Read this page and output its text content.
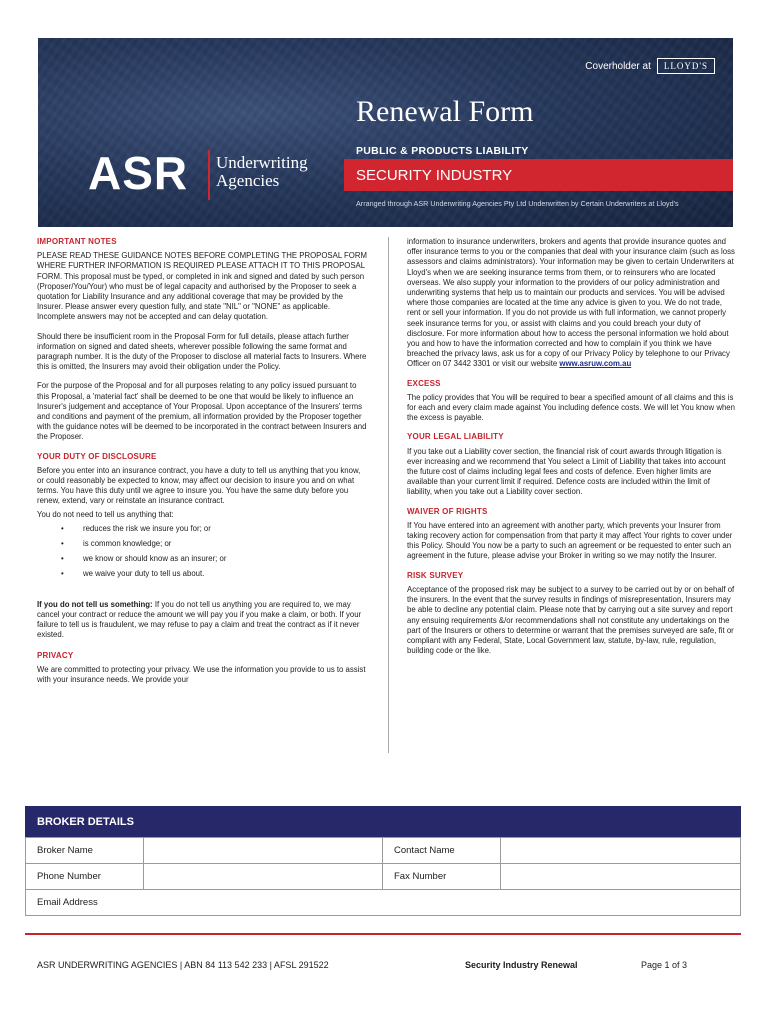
Coverholder at	LLOYD'S
ASR Underwriting
Agencies
Renewal Form
PUBLIC & PRODUCTS LIABILITY
SECURITY INDUSTRY
Arranged through ASR Underwriting Agencies Pty Ltd Underwritten by Certain Underwriters at Lloyd's

IMPORTANT NOTES

PLEASE READ THESE GUIDANCE NOTES BEFORE COMPLETING THE PROPOSAL FORM WHERE FURTHER INFORMATION IS REQUIRED PLEASE ATTACH IT TO THIS PROPOSAL FORM. This proposal must be typed, or completed in ink and signed and dated by such person (Proposer/You/Your) who must be of legal capacity and authorised by the Proposer to seek a quotation for Liability Insurance and any additional coverage that may be provided by the Insurer. Please answer every question fully, and state "NIL" or "NONE" as applicable. Incomplete answers may not be accepted and can delay quotation.

Should there be insufficient room in the Proposal Form for full details, please attach further information on signed and dated sheets, wherever possible following the same format and paragraph number. It is the duty of the Proposer to disclose all material facts to Insurers. Where this is omitted, the Insurers may avoid their obligation under the Policy.

For the purpose of the Proposal and for all purposes relating to any policy issued pursuant to this Proposal, a 'material fact' shall be deemed to be one that would be likely to influence an Insurer's judgement and acceptance of Your Proposal. Upon acceptance of the Insurers' terms and conditions and payment of the premium, all information provided by the Proposer together with the guidance notes will be deemed to be incorporated in the contract between Insurers and the Proposer.

YOUR DUTY OF DISCLOSURE

Before you enter into an insurance contract, you have a duty to tell us anything that you know, or could reasonably be expected to know, may affect our decision to insure you and on what terms. You have this duty until we agree to insure you. You have the same duty before you renew, extend, vary or reinstate an insurance contract.

You do not need to tell us anything that:

• reduces the risk we insure you for; or
• is common knowledge; or
• we know or should know as an insurer; or
• we waive your duty to tell us about.

If you do not tell us something: If you do not tell us anything you are required to, we may cancel your contract or reduce the amount we will pay you if you make a claim, or both. If your failure to tell us is fraudulent, we may refuse to pay a claim and treat the contract as if it never existed.

PRIVACY

We are committed to protecting your privacy. We use the information you provide to us to assist with your insurance needs. We provide your

information to insurance underwriters, brokers and agents that provide insurance quotes and offer insurance terms to you or the companies that deal with your insurance claim (such as loss assessors and claims administrators). Your information may be given to certain Underwriters at Lloyd's when we are seeking insurance terms from them, or to reinsurers who are located overseas. We also supply your information to the providers of our policy administration and underwriting systems that help us to maintain our products and services. You will be advised where those companies are located at the time any advice is given to you. We do not trade, rent or sell your information. If you do not provide us with full information, we cannot properly seek insurance terms for you, or assist with claims and you could breach your duty of disclosure. For more information about how to access the personal information we hold about you and how to have the information corrected and how to complain if you think we have breached the privacy laws, ask us for a copy of our Privacy Policy by telephone to our Privacy Officer on 07 3442 3301 or visit our website www.asruw.com.au

EXCESS

The policy provides that You will be required to bear a specified amount of all claims and this is for each and every claim made against You including defence costs. We will let You know when the excess is payable.

YOUR LEGAL LIABILITY

If you take out a Liability cover section, the financial risk of court awards through litigation is ever increasing and we recommend that You select a Limit of Liability that takes into account the future cost of claims including legal fees and costs of defence. Even higher limits are available than your current limit if required. Defence costs are included within the limit of liability, when you take out a Liability cover section.

WAIVER OF RIGHTS

If You have entered into an agreement with another party, which prevents your Insurer from taking recovery action for compensation from that party it may affect Your rights to cover under this Policy. Should You now be a party to such an agreement or be requested to enter such an agreement in the future, please advise your Broker in writing so we may notify the Insurer.

RISK SURVEY

Acceptance of the proposed risk may be subject to a survey to be carried out by or on behalf of the insurers. In the event that the survey results in findings of misrepresentation, Insurers may be able to decline any potential claim. Please note that by carrying out a site survey and report any ensuing requirements &/or recommendations shall not constitute any undertakings on the part of the Insurers or others to determine or warrant that the premises surveyed are safe, fit or compliant with any Federal, State, Local Government law, statute, by-law, rule, regulation, building code or the like.

BROKER DETAILS
Broker Name	Contact Name
Phone Number	Fax Number
Email Address
ASR UNDERWRITING AGENCIES | ABN 84 113 542 233 | AFSL 291522	Security Industry Renewal	Page 1 of 3
